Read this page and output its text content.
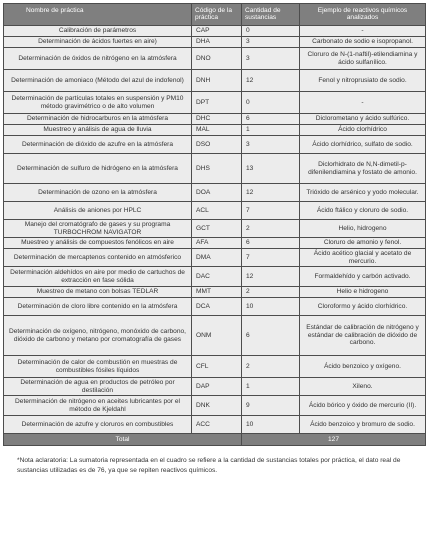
Nombre de práctica	Código de la práctica	Cantidad de sustancias	Ejemplo de reactivos químicos analizados
Calibración de parámetros	CAP	0	-
Determinación de ácidos fuertes en aire)	DHA	3	Carbonato de sodio e isopropanol.
Determinación de óxidos de nitrógeno en la atmósfera	DNO	3	Cloruro de N-(1-naftil)-etilendiamina y ácido sulfanílico.
Determinación de amoniaco (Método del azul de indofenol)	DNH	12	Fenol y nitroprusiato de sodio.
Determinación de partículas totales en suspensión y PM10 método gravimétrico o de alto volumen	DPT	0	-
Determinación de hidrocarburos en la atmósfera	DHC	6	Diclorometano y ácido sulfúrico.
Muestreo y análisis de agua de lluvia	MAL	1	Ácido clorhídrico
Determinación de dióxido de azufre en la atmósfera	DSO	3	Ácido clorhídrico, sulfato de sodio.
Determinación de sulfuro de hidrógeno en la atmósfera	DHS	13	Diclorhidrato de N,N-dimetil-p-difenilendiamina y fostato de amonio.
Determinación de ozono en la atmósfera	DOA	12	Trióxido de arsénico y yodo molecular.
Análisis de aniones por HPLC	ACL	7	Ácido ftálico y cloruro de sodio.
Manejo del cromatógrafo de gases y su programa TURBOCHROM NAVIGATOR	GCT	2	Helio, hidrogeno
Muestreo y análisis de compuestos fenólicos en aire	AFA	6	Cloruro de amonio y fenol.
Determinación de mercaptenos contenido en atmósferico	DMA	7	Ácido acético glacial y acetato de mercurio.
Determinación aldehídos en aire por medio de cartuchos de extracción en fase sólida	DAC	12	Formaldehído y carbón activado.
Muestreo de metano con bolsas TEDLAR	MMT	2	Helio e hidrogeno
Determinación de cloro libre contenido en la atmósfera	DCA	10	Cloroformo y ácido clorhídrico.
Determinación de oxígeno, nitrógeno, monóxido de carbono, dióxido de carbono y metano por cromatografía de gases	ONM	6	Estándar de calibración de nitrógeno y estándar de calibración de dióxido de carbono.
Determinación de calor de combustión en muestras de combustibles fósiles líquidos	CFL	2	Ácido benzoico y oxígeno.
Determinación de agua en productos de petróleo por destilación	DAP	1	Xileno.
Determinación de nitrógeno en aceites lubricantes por el método de Kjeldahl	DNK	9	Ácido bórico y óxido de mercurio (II).
Determinación de azufre y cloruros en combustibles	ACC	10	Ácido benzoico y bromuro de sodio.
Total		127	

*Nota aclaratoria: La sumatoria representada en el cuadro se refiere a la cantidad de sustancias totales por práctica, el dato real de sustancias utilizadas es de 76, ya que se repiten reactivos químicos.
